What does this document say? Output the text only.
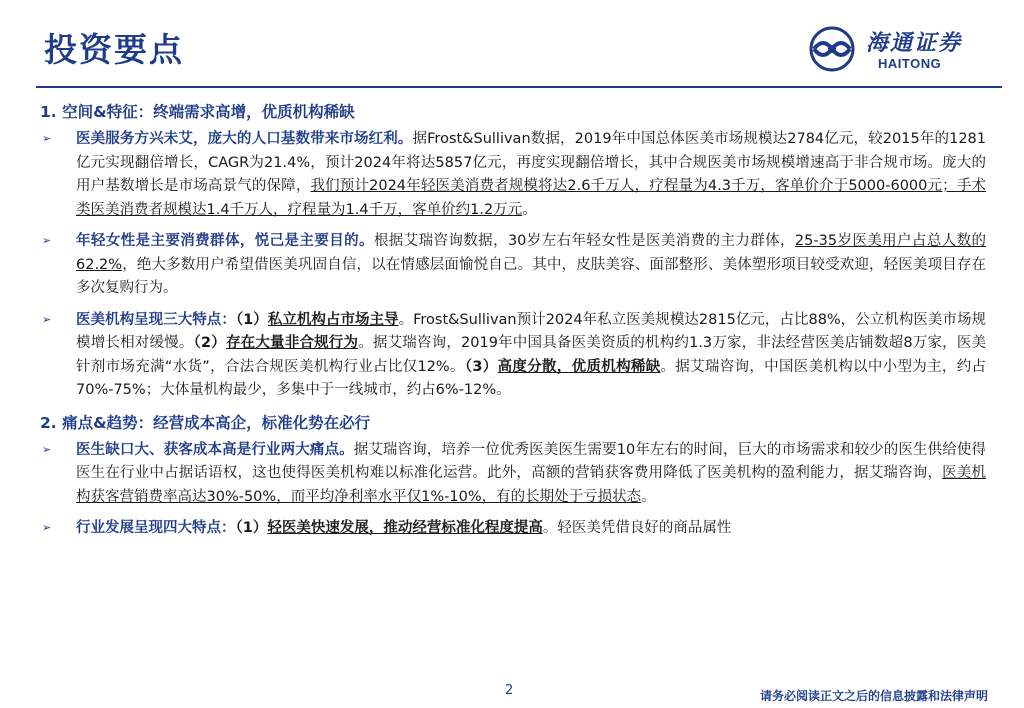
投资要点	海通证券
HAITONG
1. 空间&特征：终端需求高增，优质机构稀缺
➢ 医美服务方兴未艾，庞大的人口基数带来市场红利。据Frost&Sullivan数据，2019年中国总体医美市场规模达2784亿元，较2015年的1281亿元实现翻倍增长，CAGR为21.4%，预计2024年将达5857亿元，再度实现翻倍增长，其中合规医美市场规模增速高于非合规市场。庞大的用户基数增长是市场高景气的保障，我们预计2024年轻医美消费者规模将达2.6千万人，疗程量为4.3千万，客单价介于5000-6000元；手术类医美消费者规模达1.4千万人，疗程量为1.4千万，客单价约1.2万元。
➢ 年轻女性是主要消费群体，悦己是主要目的。根据艾瑞咨询数据，30岁左右年轻女性是医美消费的主力群体，25-35岁医美用户占总人数的62.2%，绝大多数用户希望借医美巩固自信，以在情感层面愉悦自己。其中，皮肤美容、面部整形、美体塑形项目较受欢迎，轻医美项目存在多次复购行为。
➢ 医美机构呈现三大特点：（1）私立机构占市场主导。Frost&Sullivan预计2024年私立医美规模达2815亿元，占比88%，公立机构医美市场规模增长相对缓慢。（2）存在大量非合规行为。据艾瑞咨询，2019年中国具备医美资质的机构约1.3万家，非法经营医美店铺数超8万家，医美针剂市场充满“水货”，合法合规医美机构行业占比仅12%。（3）高度分散，优质机构稀缺。据艾瑞咨询，中国医美机构以中小型为主，约占70%-75%；大体量机构最少，多集中于一线城市，约占6%-12%。
2. 痛点&趋势：经营成本高企，标准化势在必行
➢ 医生缺口大、获客成本高是行业两大痛点。据艾瑞咨询，培养一位优秀医美医生需要10年左右的时间，巨大的市场需求和较少的医生供给使得医生在行业中占据话语权，这也使得医美机构难以标准化运营。此外，高额的营销获客费用降低了医美机构的盈利能力，据艾瑞咨询，医美机构获客营销费率高达30%-50%，而平均净利率水平仅1%-10%，有的长期处于亏损状态。
➢ 行业发展呈现四大特点：（1）轻医美快速发展，推动经营标准化程度提高。轻医美凭借良好的商品属性
2	请务必阅读正文之后的信息披露和法律声明
